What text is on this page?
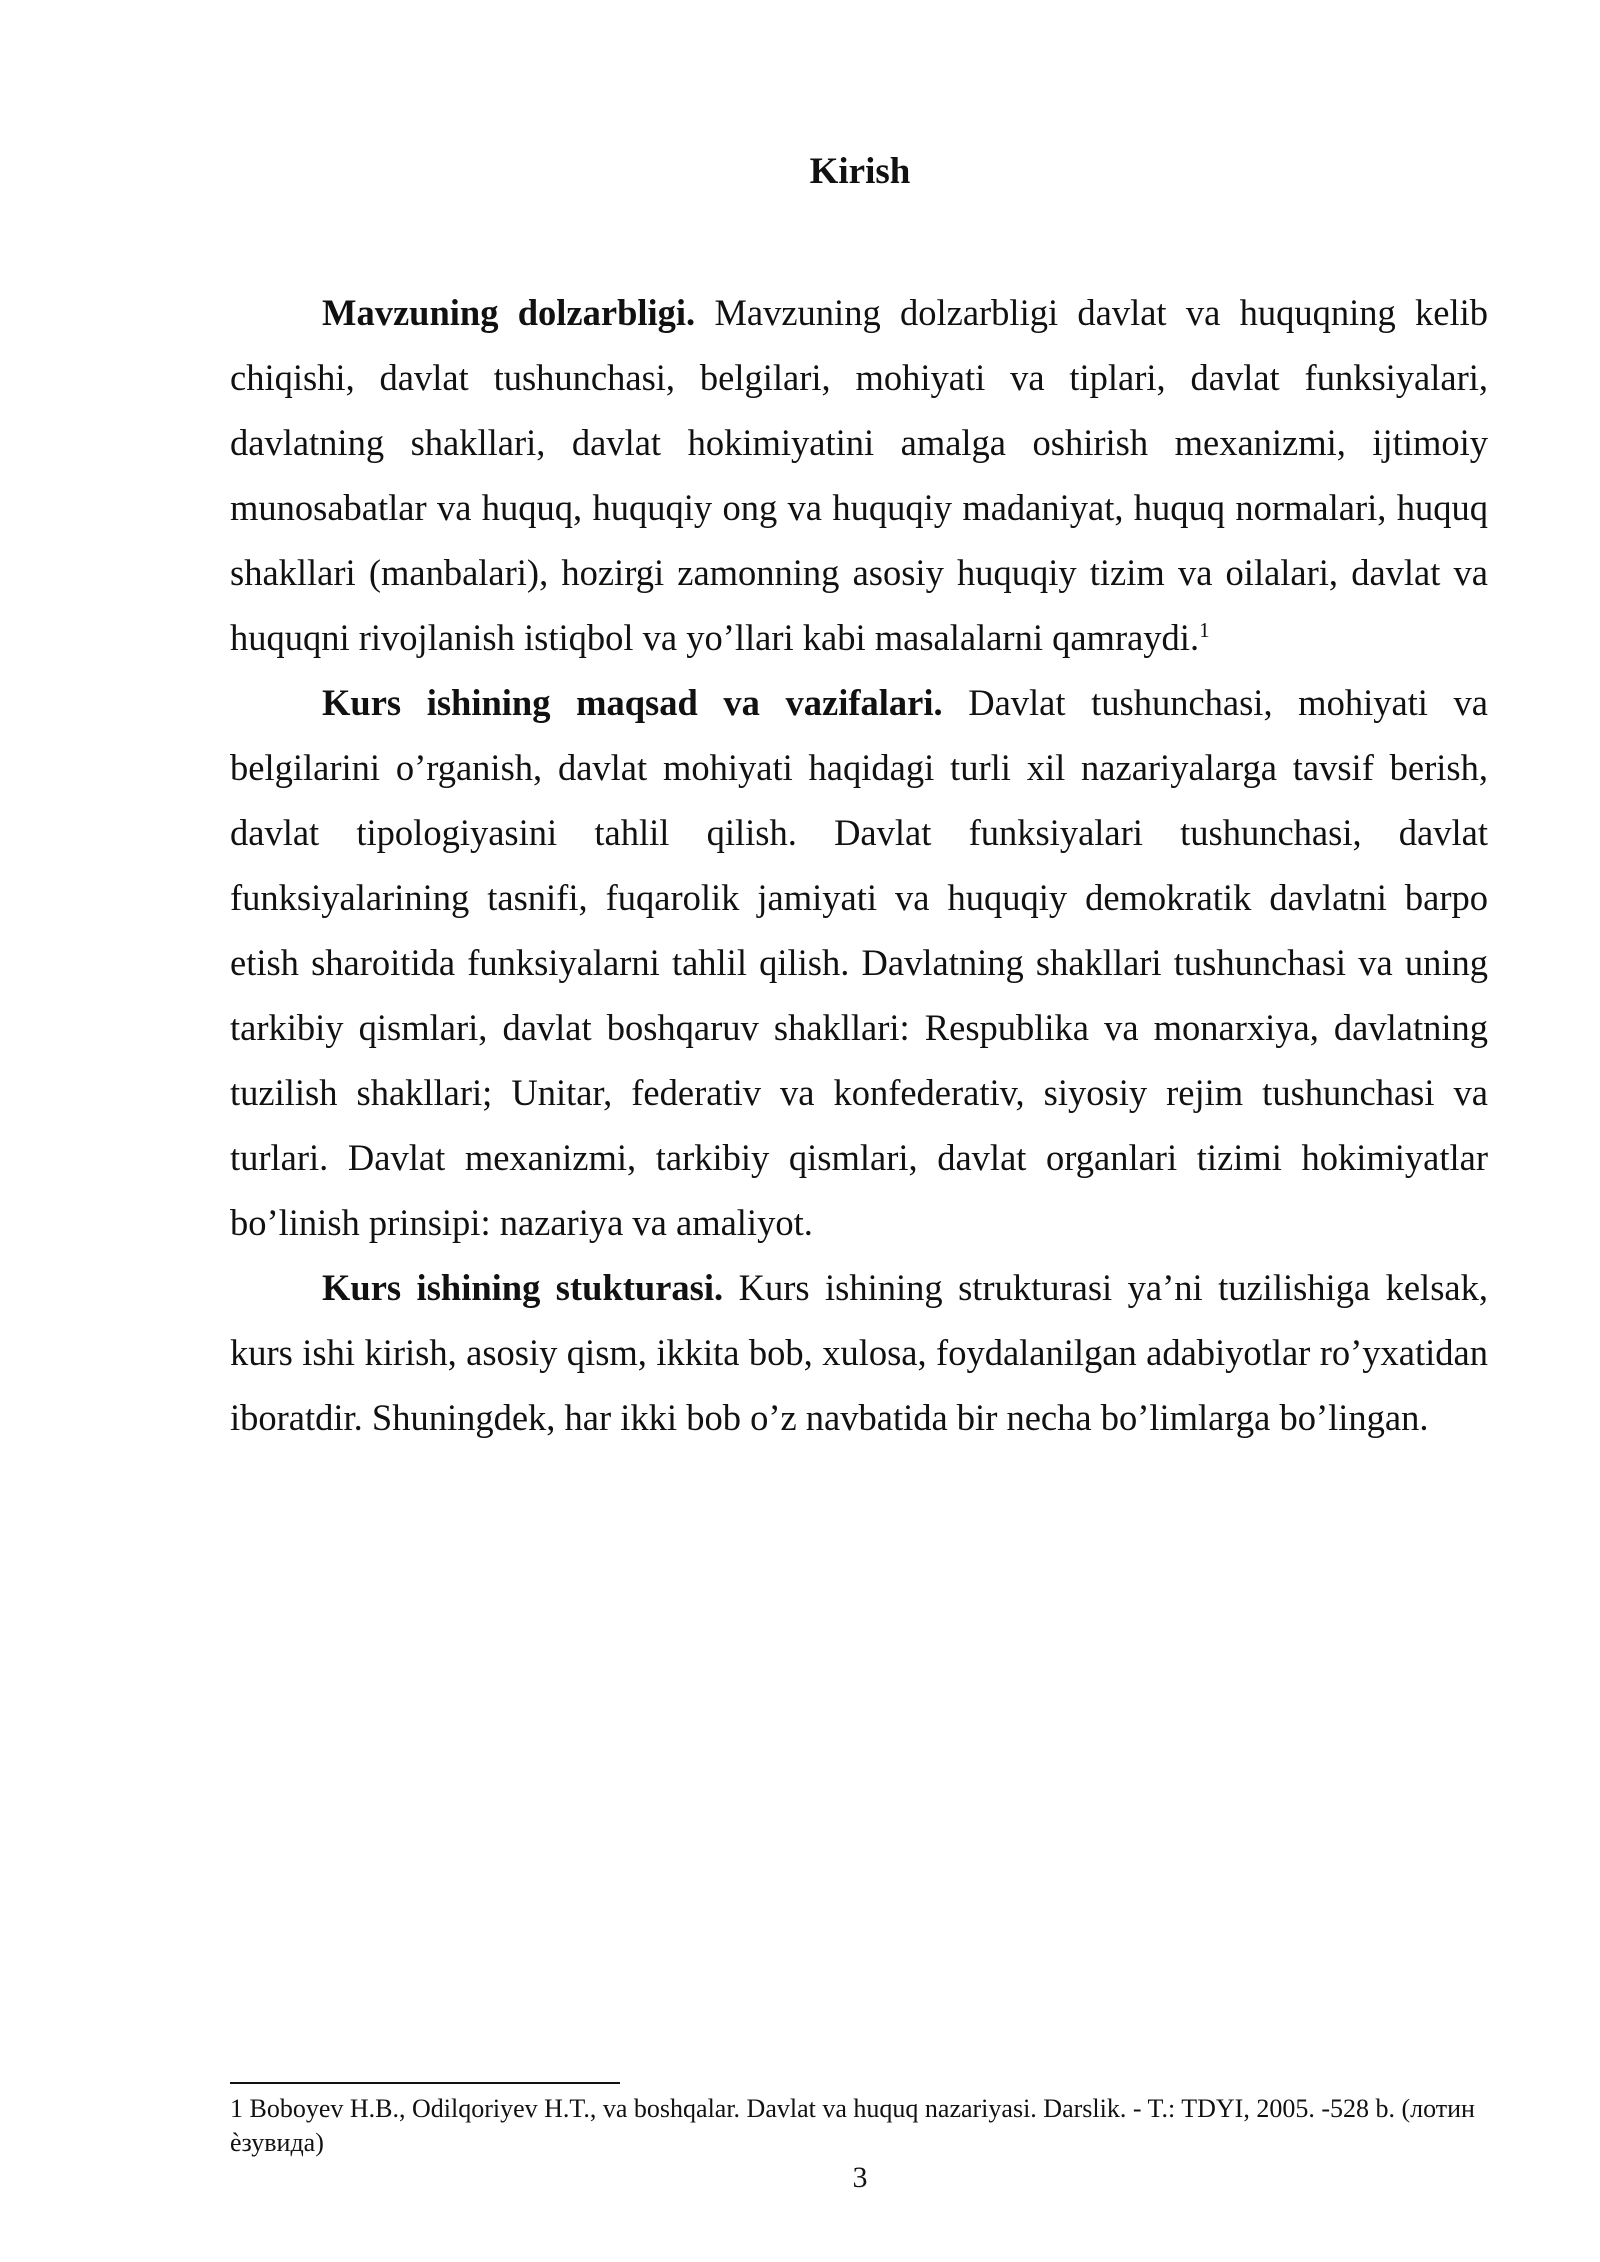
Kirish

Mavzuning dolzarbligi. Mavzuning dolzarbligi davlat va huquqning kelib chiqishi, davlat tushunchasi, belgilari, mohiyati va tiplari, davlat funksiyalari, davlatning shakllari, davlat hokimiyatini amalga oshirish mexanizmi, ijtimoiy munosabatlar va huquq, huquqiy ong va huquqiy madaniyat, huquq normalari, huquq shakllari (manbalari), hozirgi zamonning asosiy huquqiy tizim va oilalari, davlat va huquqni rivojlanish istiqbol va yo’llari kabi masalalarni qamraydi.$^1$

Kurs ishining maqsad va vazifalari. Davlat tushunchasi, mohiyati va belgilarini o’rganish, davlat mohiyati haqidagi turli xil nazariyalarga tavsif berish, davlat tipologiyasini tahlil qilish. Davlat funksiyalari tushunchasi, davlat funksiyalarining tasnifi, fuqarolik jamiyati va huquqiy demokratik davlatni barpo etish sharoitida funksiyalarni tahlil qilish. Davlatning shakllari tushunchasi va uning tarkibiy qismlari, davlat boshqaruv shakllari: Respublika va monarxiya, davlatning tuzilish shakllari; Unitar, federativ va konfederativ, siyosiy rejim tushunchasi va turlari. Davlat mexanizmi, tarkibiy qismlari, davlat organlari tizimi hokimiyatlar bo’linish prinsipi: nazariya va amaliyot.

Kurs ishining stukturasi. Kurs ishining strukturasi ya’ni tuzilishiga kelsak, kurs ishi kirish, asosiy qism, ikkita bob, xulosa, foydalanilgan adabiyotlar ro’yxatidan iboratdir. Shuningdek, har ikki bob o’z navbatida bir necha bo’limlarga bo’lingan.

1 Boboyev H.B., Odilqoriyev H.T., va boshqalar. Davlat va huquq nazariyasi. Darslik. - T.: TDYI, 2005. -528 b. (лотин ѐзувида)

3
